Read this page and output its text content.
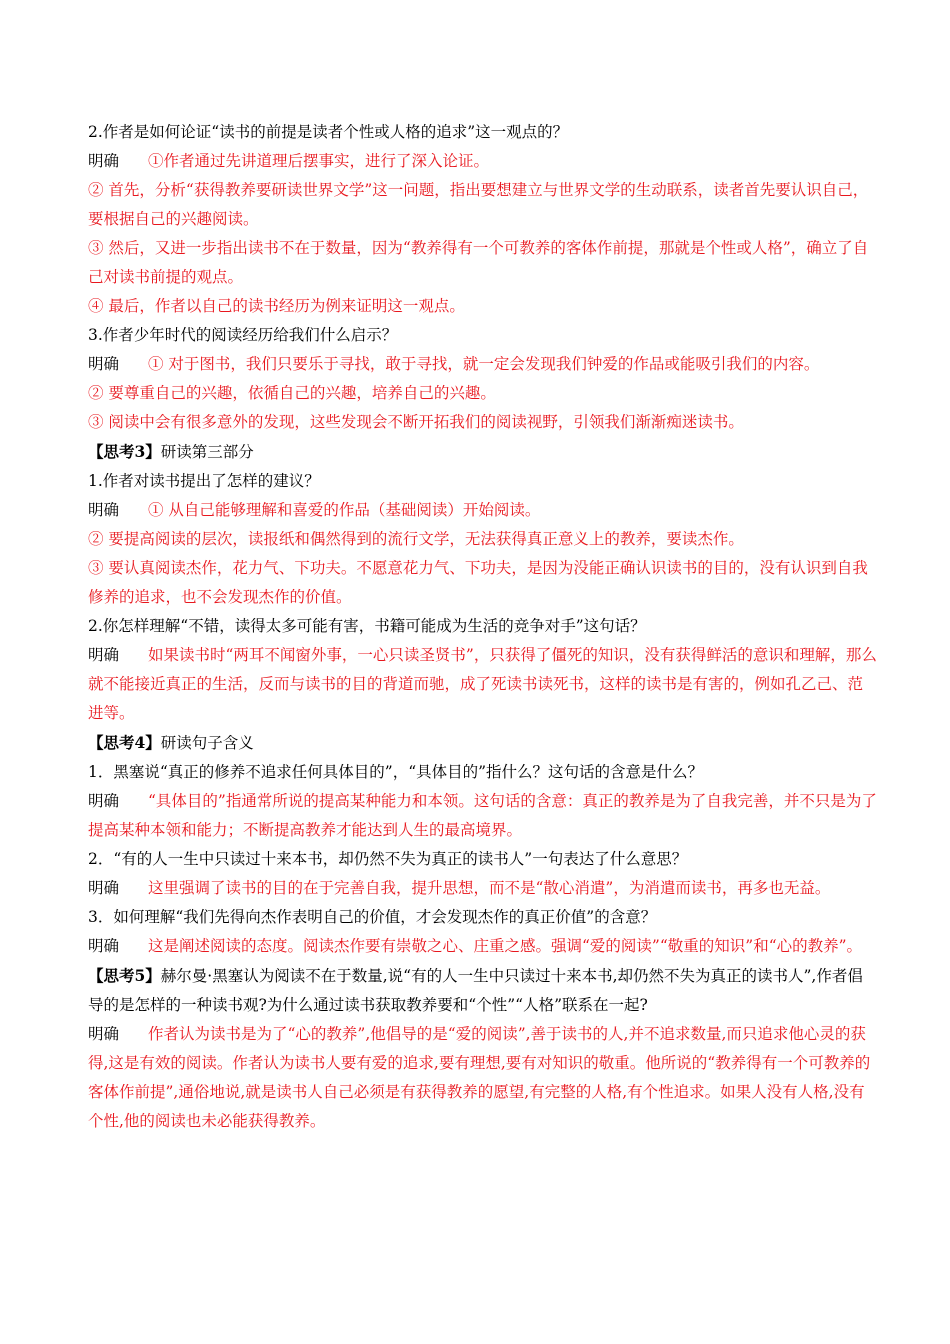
2.作者是如何论证“读书的前提是读者个性或人格的追求”这一观点的？

明确 ①作者通过先讲道理后摆事实，进行了深入论证。

② 首先，分析“获得教养要研读世界文学”这一问题，指出要想建立与世界文学的生动联系，读者首先要认识自己，要根据自己的兴趣阅读。

③ 然后，又进一步指出读书不在于数量，因为“教养得有一个可教养的客体作前提，那就是个性或人格”，确立了自己对读书前提的观点。

④ 最后，作者以自己的读书经历为例来证明这一观点。

3.作者少年时代的阅读经历给我们什么启示？

明确 ① 对于图书，我们只要乐于寻找，敢于寻找，就一定会发现我们钟爱的作品或能吸引我们的内容。

② 要尊重自己的兴趣，依循自己的兴趣，培养自己的兴趣。

③ 阅读中会有很多意外的发现，这些发现会不断开拓我们的阅读视野，引领我们渐渐痴迷读书。

【思考3】研读第三部分

1.作者对读书提出了怎样的建议？

明确 ① 从自己能够理解和喜爱的作品（基础阅读）开始阅读。

② 要提高阅读的层次，读报纸和偶然得到的流行文学，无法获得真正意义上的教养，要读杰作。

③ 要认真阅读杰作，花力气、下功夫。不愿意花力气、下功夫，是因为没能正确认识读书的目的，没有认识到自我修养的追求，也不会发现杰作的价值。

2.你怎样理解“不错，读得太多可能有害，书籍可能成为生活的竞争对手”这句话？

明确 如果读书时“两耳不闻窗外事，一心只读圣贤书”，只获得了僵死的知识，没有获得鲜活的意识和理解，那么就不能接近真正的生活，反而与读书的目的背道而驰，成了死读书读死书，这样的读书是有害的，例如孔乙己、范进等。

【思考4】研读句子含义

1．黑塞说“真正的修养不追求任何具体目的”，“具体目的”指什么？这句话的含意是什么？

明确 “具体目的”指通常所说的提高某种能力和本领。这句话的含意：真正的教养是为了自我完善，并不只是为了提高某种本领和能力；不断提高教养才能达到人生的最高境界。

2．“有的人一生中只读过十来本书，却仍然不失为真正的读书人”一句表达了什么意思？

明确 这里强调了读书的目的在于完善自我，提升思想，而不是“散心消遣”，为消遣而读书，再多也无益。

3．如何理解“我们先得向杰作表明自己的价值，才会发现杰作的真正价值”的含意？

明确 这是阐述阅读的态度。阅读杰作要有崇敬之心、庄重之感。强调“爱的阅读”“敬重的知识”和“心的教养”。

【思考5】赫尔曼·黑塞认为阅读不在于数量,说“有的人一生中只读过十来本书,却仍然不失为真正的读书人”,作者倡导的是怎样的一种读书观?为什么通过读书获取教养要和“个性”“人格”联系在一起?

明确 作者认为读书是为了“心的教养”,他倡导的是“爱的阅读”,善于读书的人,并不追求数量,而只追求他心灵的获得,这是有效的阅读。作者认为读书人要有爱的追求,要有理想,要有对知识的敬重。他所说的“教养得有一个可教养的客体作前提”,通俗地说,就是读书人自己必须是有获得教养的愿望,有完整的人格,有个性追求。如果人没有人格,没有个性,他的阅读也未必能获得教养。
